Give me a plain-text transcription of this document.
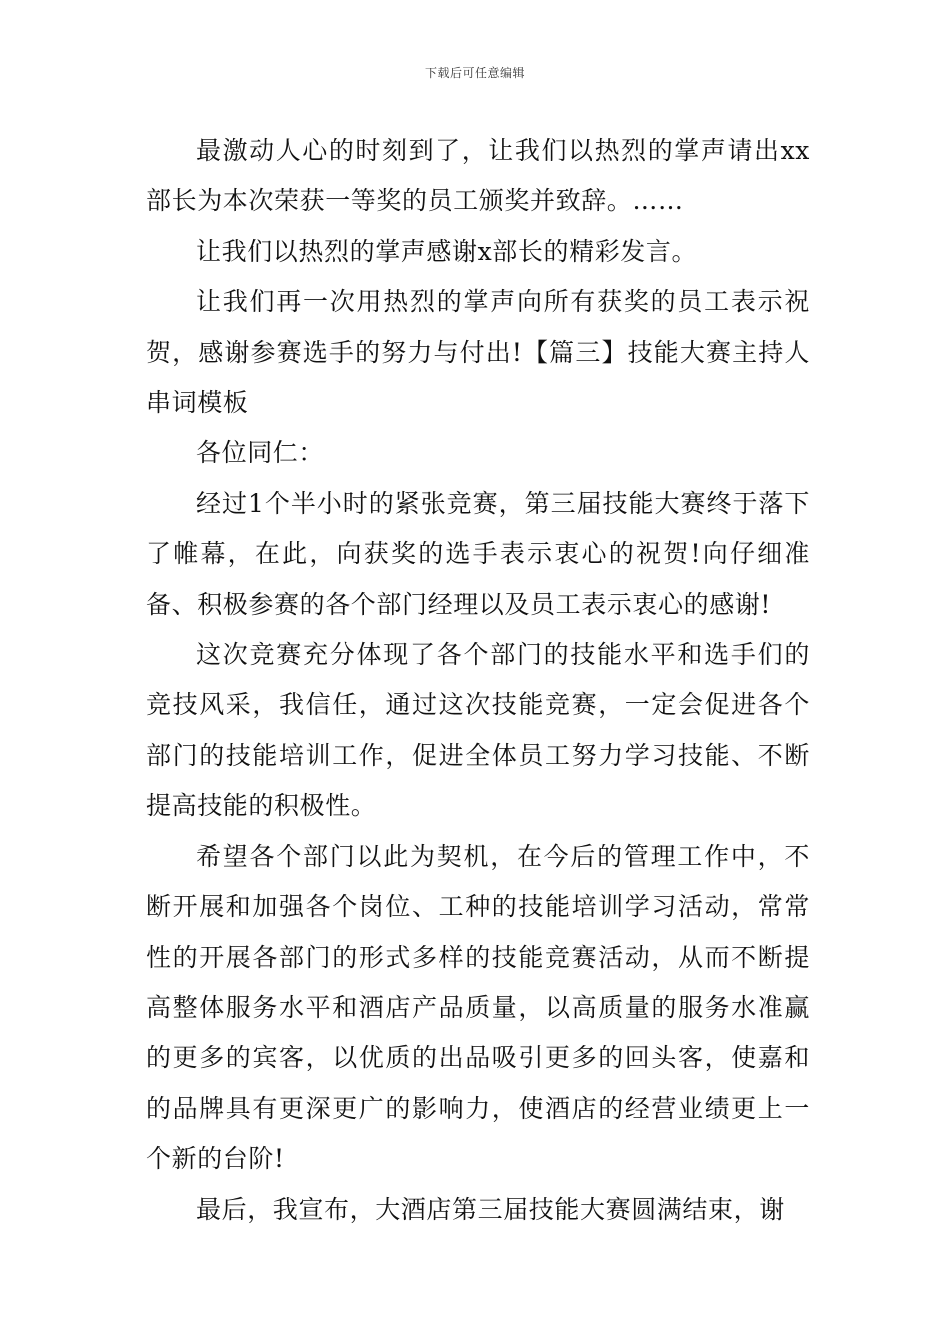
下载后可任意编辑

最激动人心的时刻到了，让我们以热烈的掌声请出xx部长为本次荣获一等奖的员工颁奖并致辞。……

让我们以热烈的掌声感谢x部长的精彩发言。

让我们再一次用热烈的掌声向所有获奖的员工表示祝贺，感谢参赛选手的努力与付出!【篇三】技能大赛主持人串词模板

各位同仁：

经过1个半小时的紧张竞赛，第三届技能大赛终于落下了帷幕，在此，向获奖的选手表示衷心的祝贺!向仔细准备、积极参赛的各个部门经理以及员工表示衷心的感谢!

这次竞赛充分体现了各个部门的技能水平和选手们的竞技风采，我信任，通过这次技能竞赛，一定会促进各个部门的技能培训工作，促进全体员工努力学习技能、不断提高技能的积极性。

希望各个部门以此为契机，在今后的管理工作中，不断开展和加强各个岗位、工种的技能培训学习活动，常常性的开展各部门的形式多样的技能竞赛活动，从而不断提高整体服务水平和酒店产品质量，以高质量的服务水准赢的更多的宾客，以优质的出品吸引更多的回头客，使嘉和的品牌具有更深更广的影响力，使酒店的经营业绩更上一个新的台阶!

最后，我宣布，大酒店第三届技能大赛圆满结束，谢
